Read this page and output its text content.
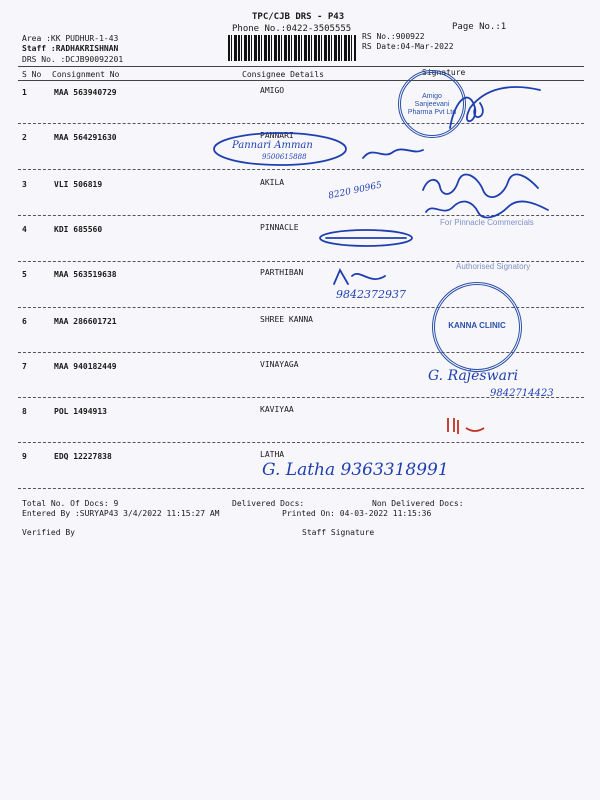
TPC/CJB DRS - P43
Phone No.:0422-3505555	Page No.:1
Area :KK PUDHUR-1-43
Staff :RADHAKRISHNAN
DRS No. :DCJB90092201
RS No.:900922
RS Date:04-Mar-2022
S No Consignment No	Consignee Details	Signature
1	MAA 563940729	AMIGO
2	MAA 564291630	PANNARI
3	VLI 506819	AKILA
4	KDI 685560	PINNACLE
5	MAA 563519638	PARTHIBAN
6	MAA 286601721	SHREE KANNA
7	MAA 940182449	VINAYAGA
8	POL 1494913	KAVIYAA
9	EDQ 12227838	LATHA
Amigo Sanjeevani Pharma Pvt Ltd
Pannari Amman
9500615888
8220 90965
For Pinnacle Commercials
9842372937
Authorised Signatory
KANNA CLINIC
G. Rajeswari
9842714423
G. Latha 9363318991
Total No. Of Docs: 9	Delivered Docs:	Non Delivered Docs:
Entered By :SURYAP43 3/4/2022 11:15:27 AM	Printed On: 04-03-2022 11:15:36
Verified By	Staff Signature
